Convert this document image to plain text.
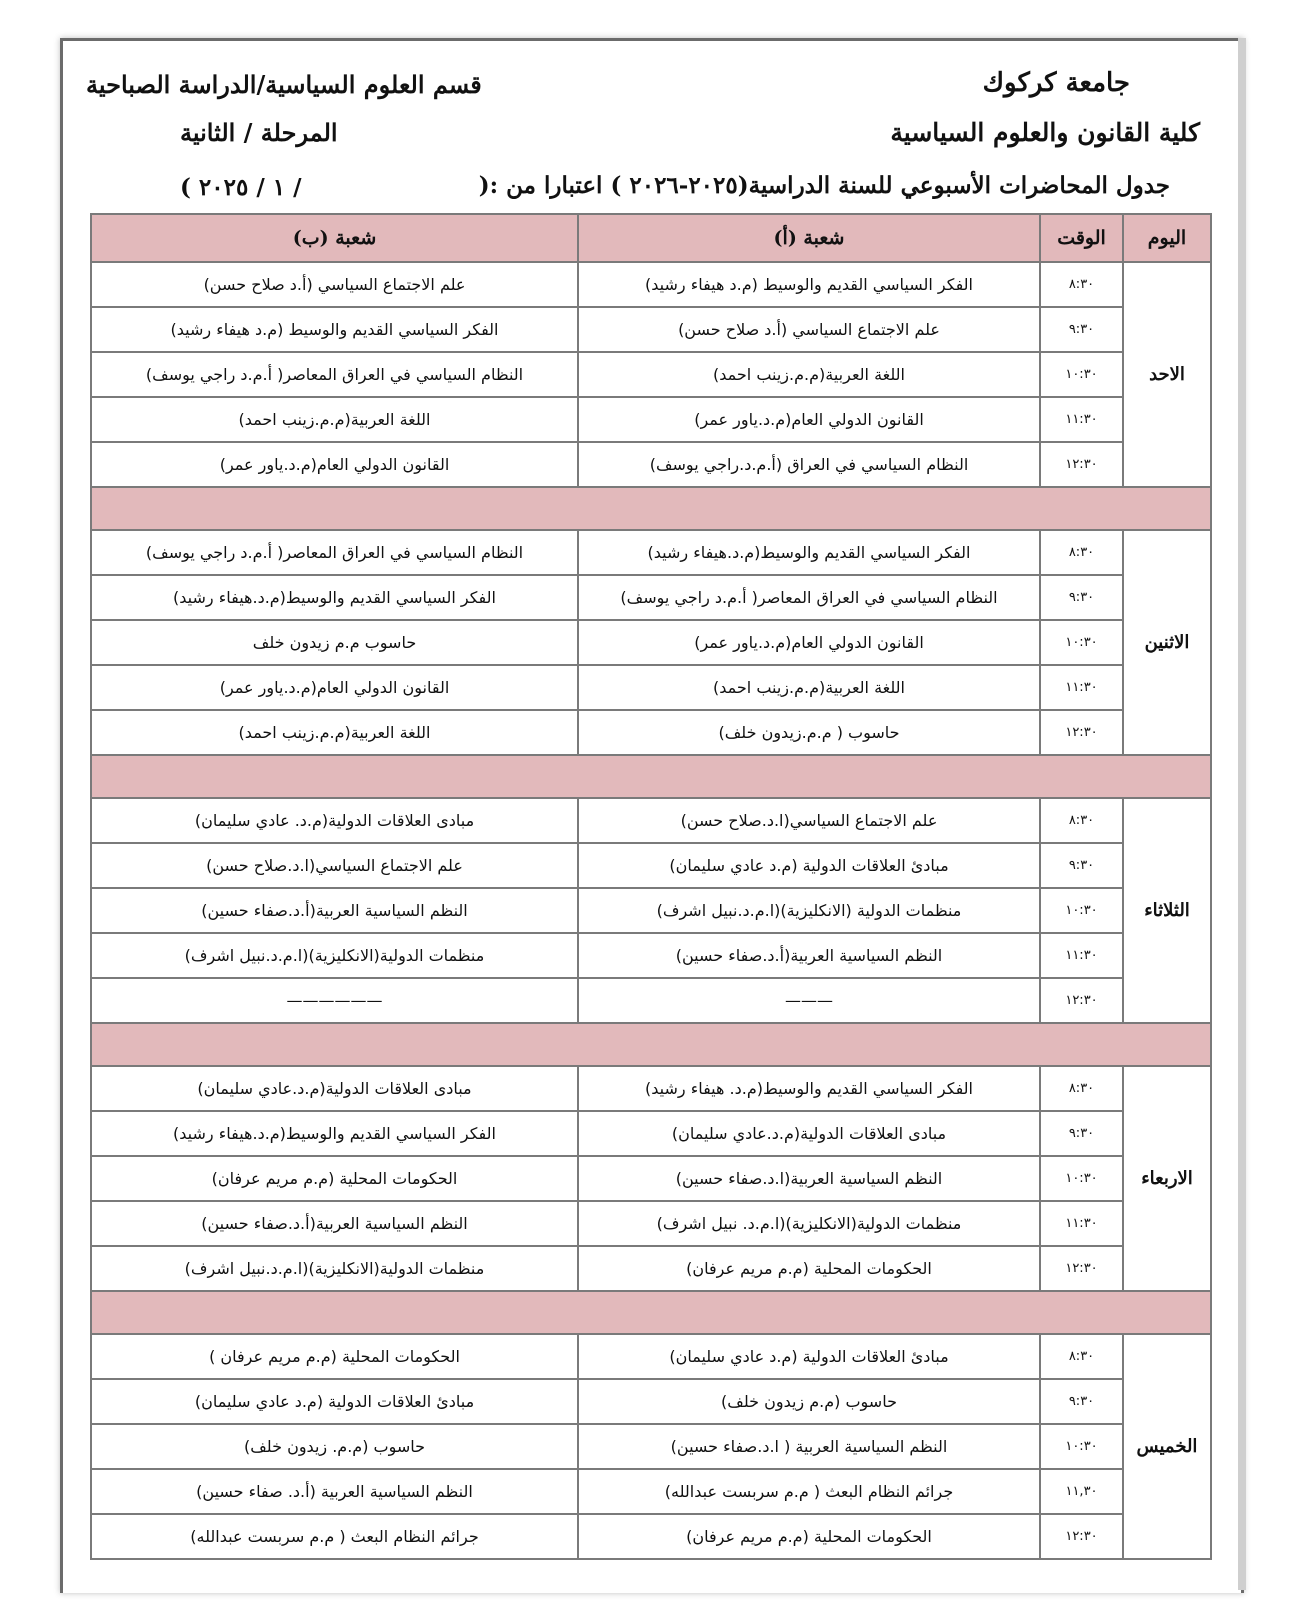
جامعة كركوك
كلية القانون والعلوم السياسية
قسم العلوم السياسية/الدراسة الصباحية
المرحلة / الثانية
جدول المحاضرات الأسبوعي للسنة الدراسية(٢٠٢٥-٢٠٢٦ ) اعتبارا من :(
/ ١ / ٢٠٢٥ )
اليوم	الوقت	شعبة (أ)	شعبة (ب)
الاحد	٨:٣٠	الفكر السياسي القديم والوسيط (م.د هيفاء رشيد)	علم الاجتماع السياسي (أ.د صلاح حسن)
	٩:٣٠	علم الاجتماع السياسي (أ.د صلاح حسن)	الفكر السياسي القديم والوسيط (م.د هيفاء رشيد)
	١٠:٣٠	اللغة العربية(م.م.زينب احمد)	النظام السياسي في العراق المعاصر( أ.م.د راجي يوسف)
	١١:٣٠	القانون الدولي العام(م.د.ياور عمر)	اللغة العربية(م.م.زينب احمد)
	١٢:٣٠	النظام السياسي في العراق (أ.م.د.راجي يوسف)	القانون الدولي العام(م.د.ياور عمر)

الاثنين	٨:٣٠	الفكر السياسي القديم والوسيط(م.د.هيفاء رشيد)	النظام السياسي في العراق المعاصر( أ.م.د راجي يوسف)
	٩:٣٠	النظام السياسي في العراق المعاصر( أ.م.د راجي يوسف)	الفكر السياسي القديم والوسيط(م.د.هيفاء رشيد)
	١٠:٣٠	القانون الدولي العام(م.د.ياور عمر)	حاسوب م.م زيدون خلف
	١١:٣٠	اللغة العربية(م.م.زينب احمد)	القانون الدولي العام(م.د.ياور عمر)
	١٢:٣٠	حاسوب ( م.م.زيدون خلف)	اللغة العربية(م.م.زينب احمد)

الثلاثاء	٨:٣٠	علم الاجتماع السياسي(ا.د.صلاح حسن)	مبادى العلاقات الدولية(م.د. عادي سليمان)
	٩:٣٠	مبادئ العلاقات الدولية (م.د عادي سليمان)	علم الاجتماع السياسي(ا.د.صلاح حسن)
	١٠:٣٠	منظمات الدولية (الانكليزية)(ا.م.د.نبيل اشرف)	النظم السياسية العربية(أ.د.صفاء حسين)
	١١:٣٠	النظم السياسية العربية(أ.د.صفاء حسين)	منظمات الدولية(الانكليزية)(ا.م.د.نبيل اشرف)
	١٢:٣٠	———	——————

الاربعاء	٨:٣٠	الفكر السياسي القديم والوسيط(م.د. هيفاء رشيد)	مبادى العلاقات الدولية(م.د.عادي سليمان)
	٩:٣٠	مبادى العلاقات الدولية(م.د.عادي سليمان)	الفكر السياسي القديم والوسيط(م.د.هيفاء رشيد)
	١٠:٣٠	النظم السياسية العربية(ا.د.صفاء حسين)	الحكومات المحلية (م.م مريم عرفان)
	١١:٣٠	منظمات الدولية(الانكليزية)(ا.م.د. نبيل اشرف)	النظم السياسية العربية(أ.د.صفاء حسين)
	١٢:٣٠	الحكومات المحلية (م.م مريم عرفان)	منظمات الدولية(الانكليزية)(ا.م.د.نبيل اشرف)

الخميس	٨:٣٠	مبادئ العلاقات الدولية (م.د عادي سليمان)	الحكومات المحلية (م.م مريم عرفان )
	٩:٣٠	حاسوب (م.م زيدون خلف)	مبادئ العلاقات الدولية (م.د عادي سليمان)
	١٠:٣٠	النظم السياسية العربية ( ا.د.صفاء حسين)	حاسوب (م.م. زيدون خلف)
	١١,٣٠	جرائم النظام البعث ( م.م سربست عبدالله)	النظم السياسية العربية (أ.د. صفاء حسين)
	١٢:٣٠	الحكومات المحلية (م.م مريم عرفان)	جرائم النظام البعث ( م.م سربست عبدالله)
